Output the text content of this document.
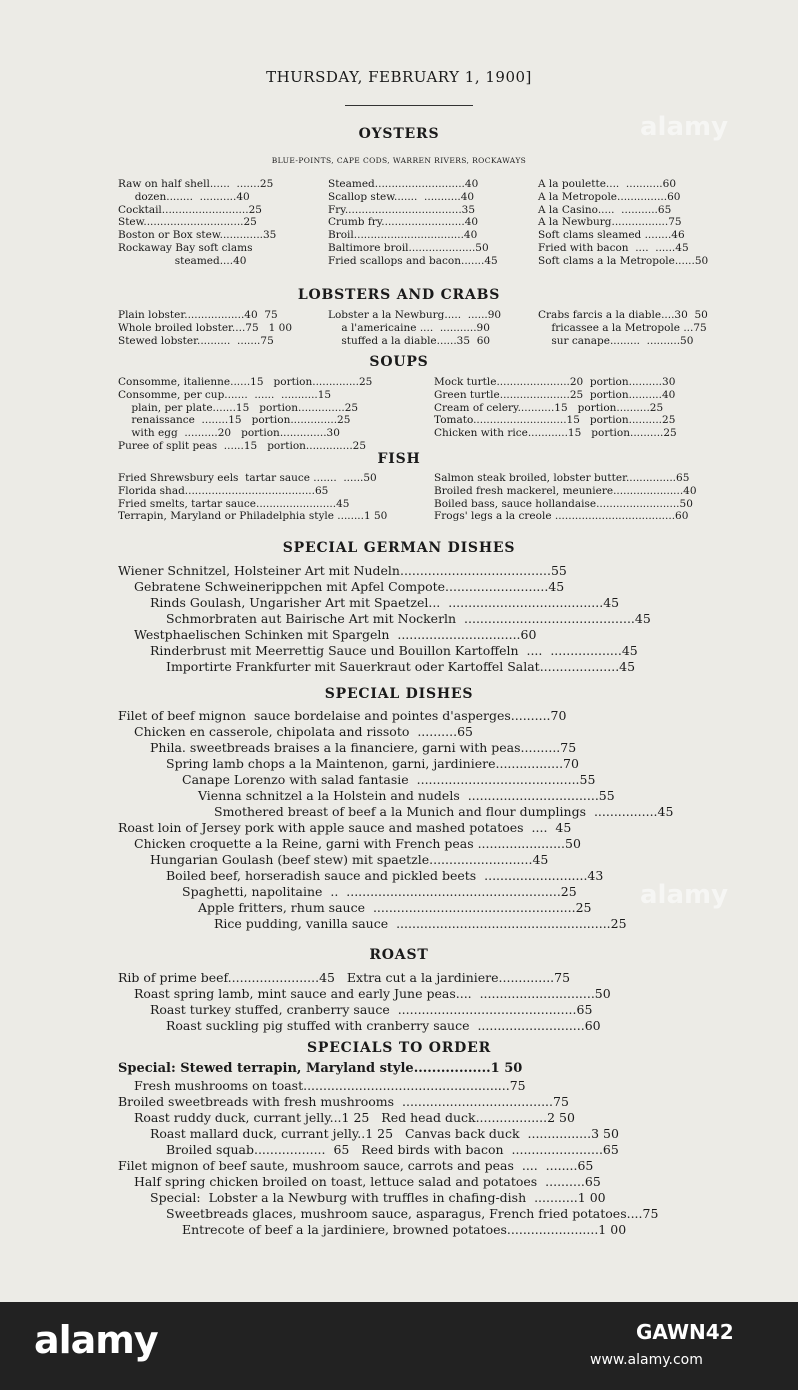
alamy
alamy
THURSDAY, FEBRUARY 1, 1900]
OYSTERS
BLUE-POINTS, CAPE CODS, WARREN RIVERS, ROCKAWAYS
Raw on half shell......  .......25
dozen........  ...........40
Cocktail..........................25
Stew..............................25
Boston or Box stew.............35
Rockaway Bay soft clams
steamed....40
Steamed...........................40
Scallop stew.......  ...........40
Fry...................................35
Crumb fry.........................40
Broil.................................40
Baltimore broil....................50
Fried scallops and bacon.......45
A la poulette....  ...........60
A la Metropole...............60
A la Casino.....  ...........65
A la Newburg.................75
Soft clams sleamed ........46
Fried with bacon  ....  ......45
Soft clams a la Metropole......50
LOBSTERS AND CRABS
Plain lobster..................40  75
Whole broiled lobster....75   1 00
Stewed lobster..........  .......75
Lobster a la Newburg.....  ......90
a l'americaine ....  ...........90
stuffed a la diable......35  60
Crabs farcis a la diable....30  50
fricassee a la Metropole ...75
sur canape.........  ..........50
SOUPS
Consomme, italienne......15   portion..............25
Consomme, per cup.......  ......  ...........15
plain, per plate.......15   portion..............25
renaissance  ........15   portion..............25
with egg  ..........20   portion..............30
Puree of split peas  ......15   portion..............25
Mock turtle......................20  portion..........30
Green turtle.....................25  portion..........40
Cream of celery...........15   portion..........25
Tomato............................15   portion..........25
Chicken with rice............15   portion..........25
FISH
Fried Shrewsbury eels  tartar sauce .......  ......50
Florida shad.......................................65
Fried smelts, tartar sauce........................45
Terrapin, Maryland or Philadelphia style ........1 50
Salmon steak broiled, lobster butter...............65
Broiled fresh mackerel, meuniere.....................40
Boiled bass, sauce hollandaise.........................50
Frogs' legs a la creole ....................................60
SPECIAL GERMAN DISHES
Wiener Schnitzel, Holsteiner Art mit Nudeln......................................55
Gebratene Schweinerippchen mit Apfel Compote..........................45
Rinds Goulash, Ungarisher Art mit Spaetzel...  .......................................45
Schmorbraten aut Bairische Art mit Nockerln  ...........................................45
Westphaelischen Schinken mit Spargeln  ...............................60
Rinderbrust mit Meerrettig Sauce und Bouillon Kartoffeln  ....  ..................45
Importirte Frankfurter mit Sauerkraut oder Kartoffel Salat....................45
SPECIAL DISHES
Filet of beef mignon  sauce bordelaise and pointes d'asperges..........70
Chicken en casserole, chipolata and rissoto  ..........65
Phila. sweetbreads braises a la financiere, garni with peas..........75
Spring lamb chops a la Maintenon, garni, jardiniere.................70
Canape Lorenzo with salad fantasie  .........................................55
Vienna schnitzel a la Holstein and nudels  .................................55
Smothered breast of beef a la Munich and flour dumplings  ................45
Roast loin of Jersey pork with apple sauce and mashed potatoes  ....  45
Chicken croquette a la Reine, garni with French peas ......................50
Hungarian Goulash (beef stew) mit spaetzle..........................45
Boiled beef, horseradish sauce and pickled beets  ..........................43
Spaghetti, napolitaine  ..  ......................................................25
Apple fritters, rhum sauce  ...................................................25
Rice pudding, vanilla sauce  ......................................................25
ROAST
Rib of prime beef.......................45   Extra cut a la jardiniere..............75
Roast spring lamb, mint sauce and early June peas....  .............................50
Roast turkey stuffed, cranberry sauce  .............................................65
Roast suckling pig stuffed with cranberry sauce  ...........................60
SPECIALS TO ORDER
Special: Stewed terrapin, Maryland style.................1 50
Fresh mushrooms on toast....................................................75
Broiled sweetbreads with fresh mushrooms  ......................................75
Roast ruddy duck, currant jelly...1 25   Red head duck..................2 50
Roast mallard duck, currant jelly..1 25   Canvas back duck  ................3 50
Broiled squab..................  65   Reed birds with bacon  .......................65
Filet mignon of beef saute, mushroom sauce, carrots and peas  ....  ........65
Half spring chicken broiled on toast, lettuce salad and potatoes  ..........65
Special:  Lobster a la Newburg with truffles in chafing-dish  ...........1 00
Sweetbreads glaces, mushroom sauce, asparagus, French fried potatoes....75
Entrecote of beef a la jardiniere, browned potatoes.......................1 00
alamy	GAWN42
www.alamy.com
